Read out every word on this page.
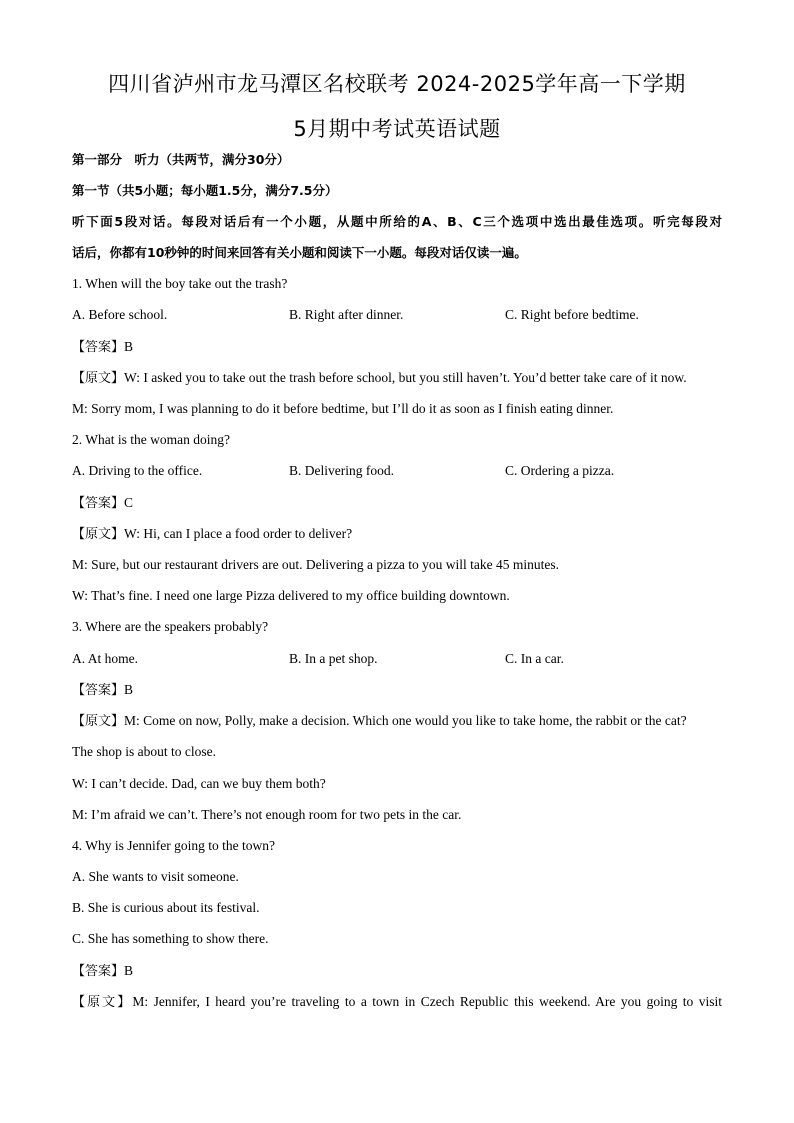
四川省泸州市龙马潭区名校联考 2024-2025学年高一下学期
5月期中考试英语试题
第一部分　听力（共两节，满分30分）
第一节（共5小题；每小题1.5分，满分7.5分）
听下面5段对话。每段对话后有一个小题，从题中所给的A、B、C三个选项中选出最佳选项。听完每段对
话后，你都有10秒钟的时间来回答有关小题和阅读下一小题。每段对话仅读一遍。
1. When will the boy take out the trash?
A. Before school.	B. Right after dinner.	C. Right before bedtime.
【答案】B
【原文】W: I asked you to take out the trash before school, but you still haven’t. You’d better take care of it now.
M: Sorry mom, I was planning to do it before bedtime, but I’ll do it as soon as I finish eating dinner.
2. What is the woman doing?
A. Driving to the office.	B. Delivering food.	C. Ordering a pizza.
【答案】C
【原文】W: Hi, can I place a food order to deliver?
M: Sure, but our restaurant drivers are out. Delivering a pizza to you will take 45 minutes.
W: That’s fine. I need one large Pizza delivered to my office building downtown.
3. Where are the speakers probably?
A. At home.	B. In a pet shop.	C. In a car.
【答案】B
【原文】M: Come on now, Polly, make a decision. Which one would you like to take home, the rabbit or the cat?
The shop is about to close.
W: I can’t decide. Dad, can we buy them both?
M: I’m afraid we can’t. There’s not enough room for two pets in the car.
4. Why is Jennifer going to the town?
A. She wants to visit someone.
B. She is curious about its festival.
C. She has something to show there.
【答案】B
【原文】M: Jennifer, I heard you’re traveling to a town in Czech Republic this weekend. Are you going to visit
